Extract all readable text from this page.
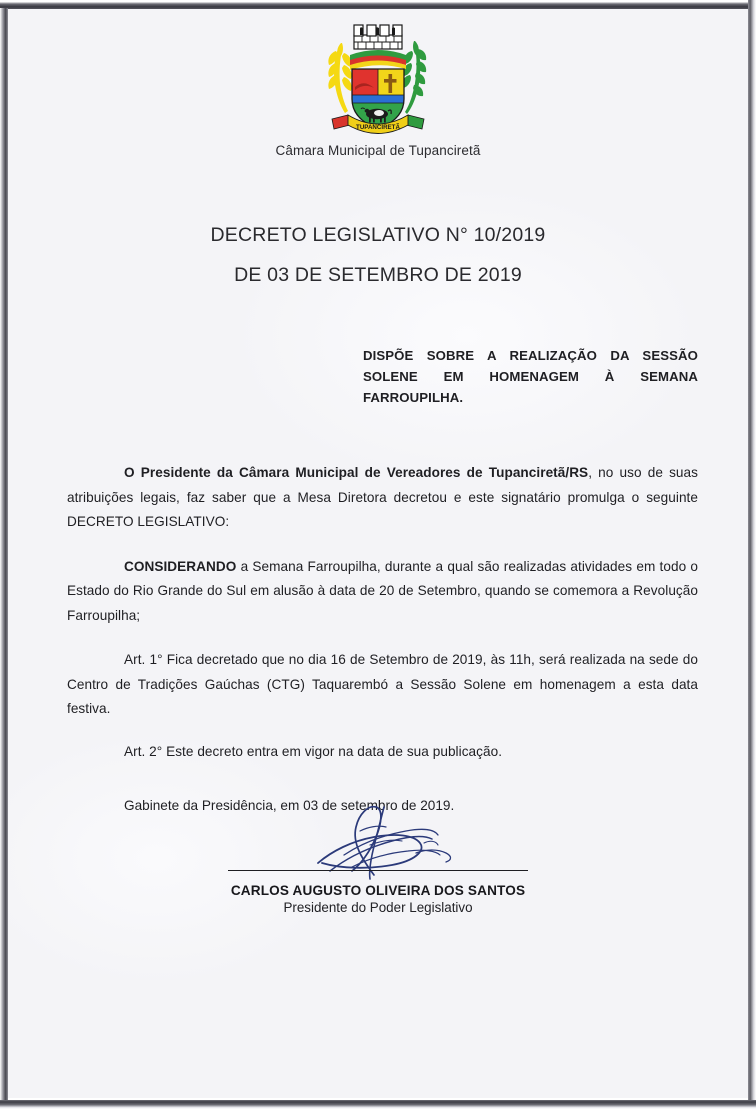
TUPANCIRETÃ
Câmara Municipal de Tupanciretã
DECRETO LEGISLATIVO N° 10/2019
DE 03 DE SETEMBRO DE 2019
DISPÕE SOBRE A REALIZAÇÃO DA SESSÃO SOLENE EM HOMENAGEM À SEMANA FARROUPILHA.

O Presidente da Câmara Municipal de Vereadores de Tupanciretã/RS, no uso de suas atribuições legais, faz saber que a Mesa Diretora decretou e este signatário promulga o seguinte DECRETO LEGISLATIVO:

CONSIDERANDO a Semana Farroupilha, durante a qual são realizadas atividades em todo o Estado do Rio Grande do Sul em alusão à data de 20 de Setembro, quando se comemora a Revolução Farroupilha;

Art. 1° Fica decretado que no dia 16 de Setembro de 2019, às 11h, será realizada na sede do Centro de Tradições Gaúchas (CTG) Taquarembó a Sessão Solene em homenagem a esta data festiva.

Art. 2° Este decreto entra em vigor na data de sua publicação.

Gabinete da Presidência, em 03 de setembro de 2019.

CARLOS AUGUSTO OLIVEIRA DOS SANTOS
Presidente do Poder Legislativo
